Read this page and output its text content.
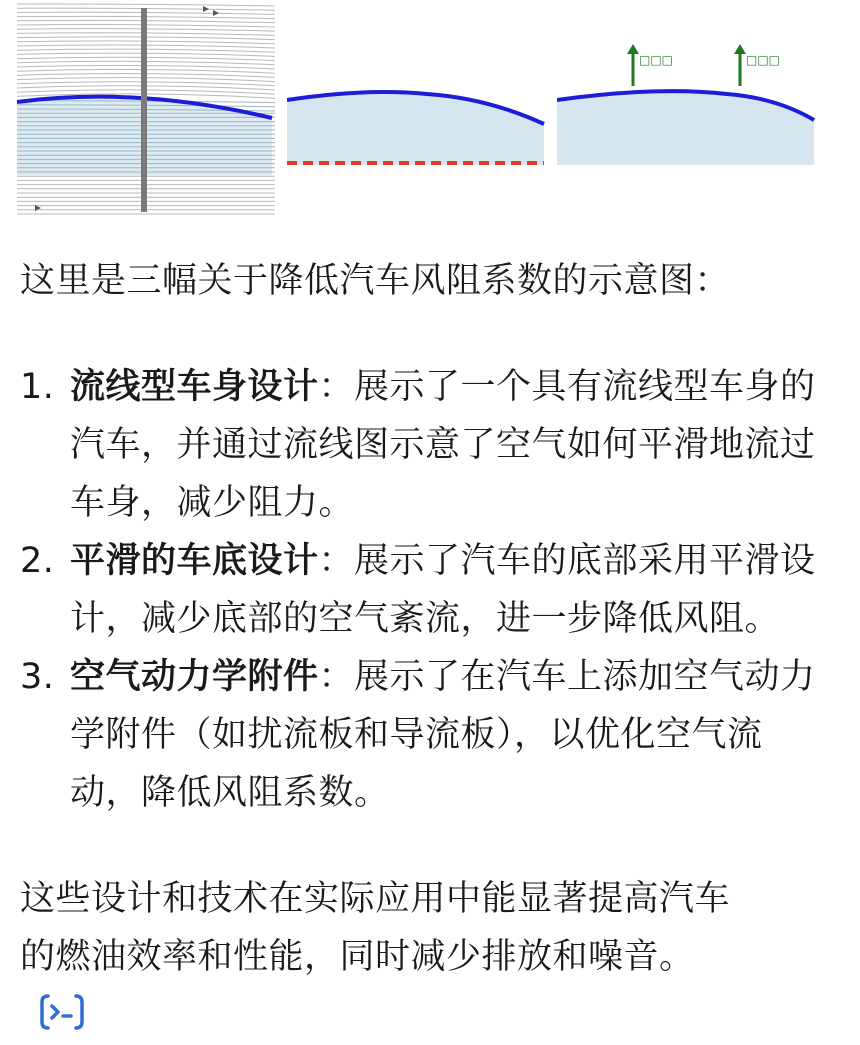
□□□	□□□

这里是三幅关于降低汽车风阻系数的示意图：

1. 流线型车身设计：展示了一个具有流线型车身的汽车，并通过流线图示意了空气如何平滑地流过车身，减少阻力。
2. 平滑的车底设计：展示了汽车的底部采用平滑设计，减少底部的空气紊流，进一步降低风阻。
3. 空气动力学附件：展示了在汽车上添加空气动力学附件（如扰流板和导流板），以优化空气流动，降低风阻系数。

这些设计和技术在实际应用中能显著提高汽车的燃油效率和性能，同时减少排放和噪音。
